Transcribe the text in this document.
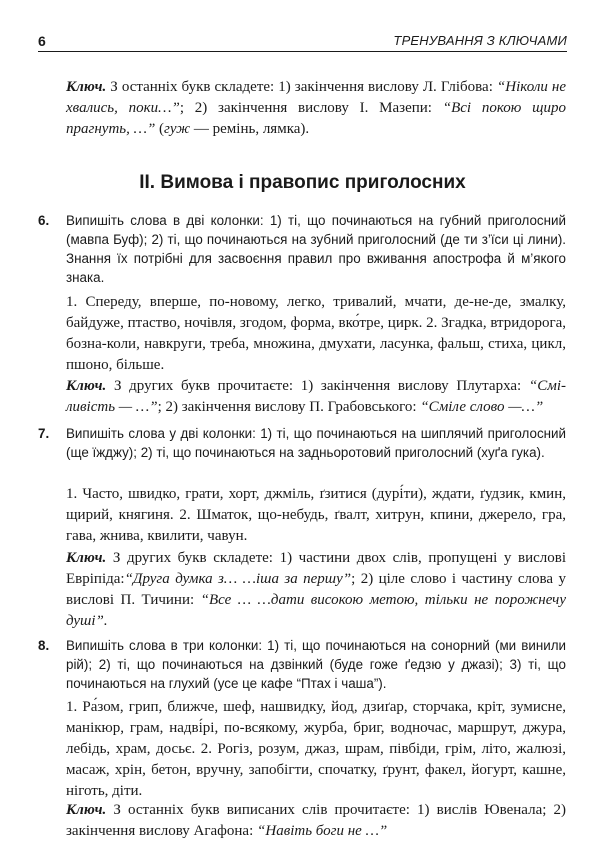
6	ТРЕНУВАННЯ З КЛЮЧАМИ

Ключ. З останніх букв складете: 1) закінчення вислову Л. Глібова: “Ніколи не хвались, поки…”; 2) закінчення вислову І. Мазепи: “Всі покою щиро прагнуть, …” (гуж — ремінь, лямка).

ІІ. Вимова і правопис приголосних
6. Випишіть слова в дві колонки: 1) ті, що починаються на губний приголосний (мавпа Буф); 2) ті, що починаються на зубний приголосний (де ти з’їси ці лини). Знання їх потрібні для засвоєння правил про вживання апострофа й м’якого знака.

1. Спереду, вперше, по-новому, легко, тривалий, мчати, де-не-де, змалку, байдуже, птаство, ночівля, згодом, форма, вко́тре, цирк. 2. Згадка, втридорога, бозна-коли, навкруги, треба, множина, дмухати, ласунка, фальш, стиха, цикл, пшоно, більше.

Ключ. З других букв прочитаєте: 1) закінчення вислову Плутарха: “Сміливість — …”; 2) закінчення вислову П. Грабовського: “Сміле слово —…”

7. Випишіть слова у дві колонки: 1) ті, що починаються на шиплячий приголосний (ще їжджу); 2) ті, що починаються на задньоротовий приголосний (хуґа гука).

1. Часто, швидко, грати, хорт, джміль, ґзитися (дурі́ти), ждати, ґудзик, кмин, щирий, княгиня. 2. Шматок, що-небудь, ґвалт, хитрун, кпини, джерело, гра, гава, жнива, квилити, чавун.

Ключ. З других букв складете: 1) частини двох слів, пропущені у вислові Евріпіда:“Друга думка з… …іша за першу”; 2) ціле слово і частину слова у вислові П. Тичини: “Все … …дати високою метою, тільки не порожнечу душі”.

8. Випишіть слова в три колонки: 1) ті, що починаються на сонорний (ми винили рій); 2) ті, що починаються на дзвінкий (буде гоже ґедзю у джазі); 3) ті, що починаються на глухий (усе це кафе “Птах і чаша”).

1. Ра́зом, грип, ближче, шеф, нашвидку, йод, дзиґар, сторчака, кріт, зумисне, манікюр, грам, надві́рі, по-всякому, журба, бриг, водночас, маршрут, джура, лебідь, храм, досьє. 2. Рогіз, розум, джаз, шрам, півбіди, грім, літо, жалюзі, масаж, хрін, бетон, вручну, запобігти, спочатку, ґрунт, факел, йогурт, кашне, ніготь, діти.

Ключ. З останніх букв виписаних слів прочитаєте: 1) вислів Ювенала; 2) закінчення вислову Агафона: “Навіть боги не …”
